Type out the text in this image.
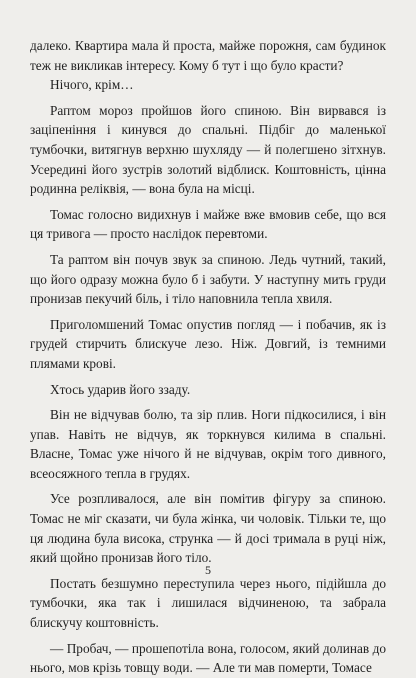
далеко. Квартира мала й проста, майже порожня, сам будинок теж не викликав інтересу. Кому б тут і що було красти?

Нічого, крім…

Раптом мороз пройшов його спиною. Він вирвався із заціпеніння і кинувся до спальні. Підбіг до маленької тумбочки, витягнув верхню шухляду — й полегшено зітхнув. Усередині його зустрів золотий відблиск. Коштовність, цінна родинна реліквія, — вона була на місці.

Томас голосно видихнув і майже вже вмовив себе, що вся ця тривога — просто наслідок перевтоми.

Та раптом він почув звук за спиною. Ледь чутний, такий, що його одразу можна було б і забути. У наступну мить груди пронизав пекучий біль, і тіло наповнила тепла хвиля.

Приголомшений Томас опустив погляд — і побачив, як із грудей стирчить блискуче лезо. Ніж. Довгий, із темними плямами крові.

Хтось ударив його ззаду.

Він не відчував болю, та зір плив. Ноги підкосилися, і він упав. Навіть не відчув, як торкнувся килима в спальні. Власне, Томас уже нічого й не відчував, окрім того дивного, всеосяжного тепла в грудях.

Усе розпливалося, але він помітив фігуру за спиною. Томас не міг сказати, чи була жінка, чи чоловік. Тільки те, що ця людина була висока, струнка — й досі тримала в руці ніж, який щойно пронизав його тіло.

Постать безшумно переступила через нього, підійшла до тумбочки, яка так і лишилася відчиненою, та забрала блискучу коштовність.

— Пробач, — прошепотіла вона, голосом, який долинав до нього, мов крізь товщу води. — Але ти мав померти, Томасе

5
